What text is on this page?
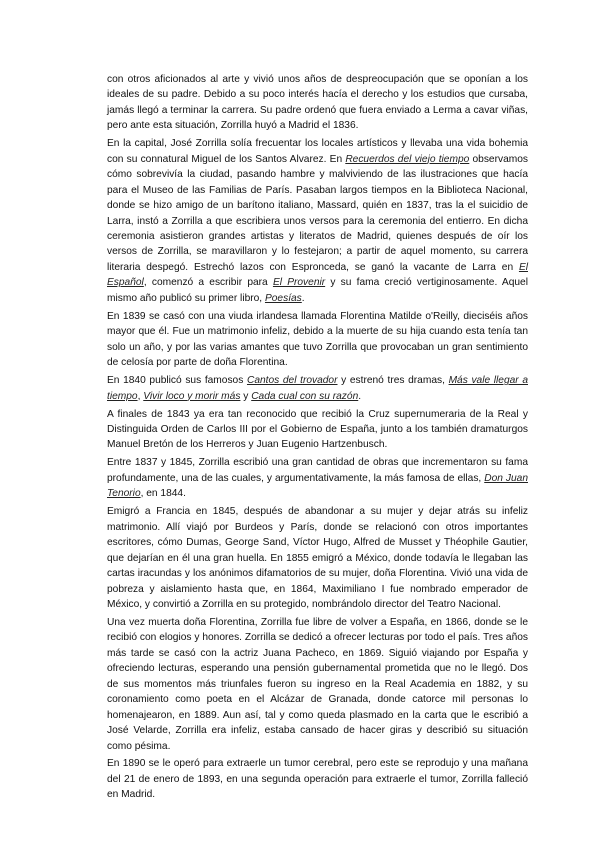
con otros aficionados al arte y vivió unos años de despreocupación que se oponían a los ideales de su padre. Debido a su poco interés hacía el derecho y los estudios que cursaba, jamás llegó a terminar la carrera. Su padre ordenó que fuera enviado a Lerma a cavar viñas, pero ante esta situación, Zorrilla huyó a Madrid el 1836.

En la capital, José Zorrilla solía frecuentar los locales artísticos y llevaba una vida bohemia con su connatural Miguel de los Santos Alvarez. En Recuerdos del viejo tiempo observamos cómo sobrevivía la ciudad, pasando hambre y malviviendo de las ilustraciones que hacía para el Museo de las Familias de París. Pasaban largos tiempos en la Biblioteca Nacional, donde se hizo amigo de un barítono italiano, Massard, quién en 1837, tras la el suicidio de Larra, instó a Zorrilla a que escribiera unos versos para la ceremonia del entierro. En dicha ceremonia asistieron grandes artistas y literatos de Madrid, quienes después de oír los versos de Zorrilla, se maravillaron y lo festejaron; a partir de aquel momento, su carrera literaria despegó. Estrechó lazos con Espronceda, se ganó la vacante de Larra en El Español, comenzó a escribir para El Provenir y su fama creció vertiginosamente. Aquel mismo año publicó su primer libro, Poesías.

En 1839 se casó con una viuda irlandesa llamada Florentina Matilde o'Reilly, dieciséis años mayor que él. Fue un matrimonio infeliz, debido a la muerte de su hija cuando esta tenía tan solo un año, y por las varias amantes que tuvo Zorrilla que provocaban un gran sentimiento de celosía por parte de doña Florentina.

En 1840 publicó sus famosos Cantos del trovador y estrenó tres dramas, Más vale llegar a tiempo, Vivir loco y morir más y Cada cual con su razón.

A finales de 1843 ya era tan reconocido que recibió la Cruz supernumeraria de la Real y Distinguida Orden de Carlos III por el Gobierno de España, junto a los también dramaturgos Manuel Bretón de los Herreros y Juan Eugenio Hartzenbusch.

Entre 1837 y 1845, Zorrilla escribió una gran cantidad de obras que incrementaron su fama profundamente, una de las cuales, y argumentativamente, la más famosa de ellas, Don Juan Tenorio, en 1844.

Emigró a Francia en 1845, después de abandonar a su mujer y dejar atrás su infeliz matrimonio. Allí viajó por Burdeos y París, donde se relacionó con otros importantes escritores, cómo Dumas, George Sand, Víctor Hugo, Alfred de Musset y Théophile Gautier, que dejarían en él una gran huella. En 1855 emigró a México, donde todavía le llegaban las cartas iracundas y los anónimos difamatorios de su mujer, doña Florentina. Vivió una vida de pobreza y aislamiento hasta que, en 1864, Maximiliano I fue nombrado emperador de México, y convirtió a Zorrilla en su protegido, nombrándolo director del Teatro Nacional.

Una vez muerta doña Florentina, Zorrilla fue libre de volver a España, en 1866, donde se le recibió con elogios y honores. Zorrilla se dedicó a ofrecer lecturas por todo el país. Tres años más tarde se casó con la actriz Juana Pacheco, en 1869. Siguió viajando por España y ofreciendo lecturas, esperando una pensión gubernamental prometida que no le llegó. Dos de sus momentos más triunfales fueron su ingreso en la Real Academia en 1882, y su coronamiento como poeta en el Alcázar de Granada, donde catorce mil personas lo homenajearon, en 1889. Aun así, tal y como queda plasmado en la carta que le escribió a José Velarde, Zorrilla era infeliz, estaba cansado de hacer giras y describió su situación como pésima.

En 1890 se le operó para extraerle un tumor cerebral, pero este se reprodujo y una mañana del 21 de enero de 1893, en una segunda operación para extraerle el tumor, Zorrilla falleció en Madrid.
